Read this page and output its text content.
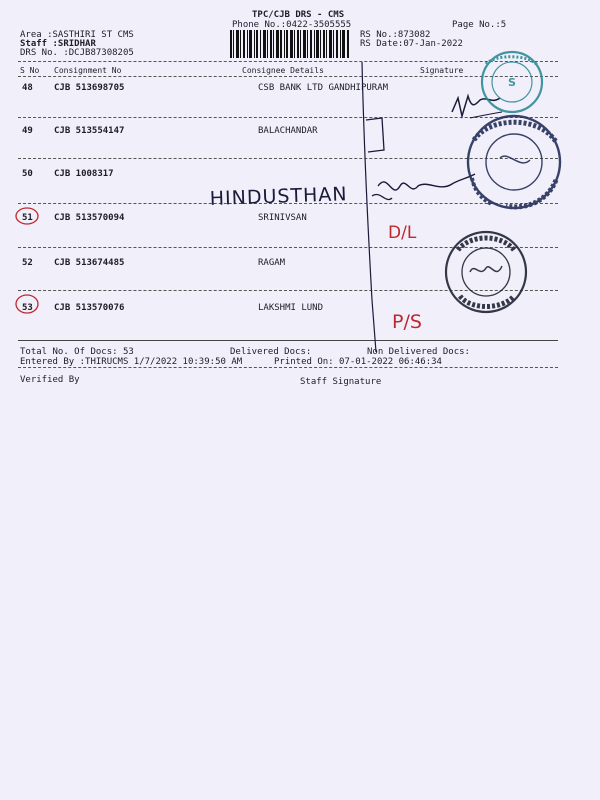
TPC/CJB DRS - CMS
Phone No.:0422-3505555	Page No.:5
Area :SASTHIRI ST CMS	RS No.:873082
Staff :SRIDHAR	RS Date:07-Jan-2022
DRS No. :DCJB87308205
S No Consignment No	Consignee Details	Signature
48 CJB 513698705	CSB BANK LTD GANDHIPURAM
49 CJB 513554147	BALACHANDAR
50 CJB 1008317
51 CJB 513570094	SRINIVSAN
52 CJB 513674485	RAGAM
53 CJB 513570076	LAKSHMI LUND
Total No. Of Docs: 53	Delivered Docs:	Non Delivered Docs:
Entered By :THIRUCMS 1/7/2022 10:39:50 AM	Printed On: 07-01-2022 06:46:34
Verified By	Staff Signature
HINDUSTHAN
D/L
P/S
S
